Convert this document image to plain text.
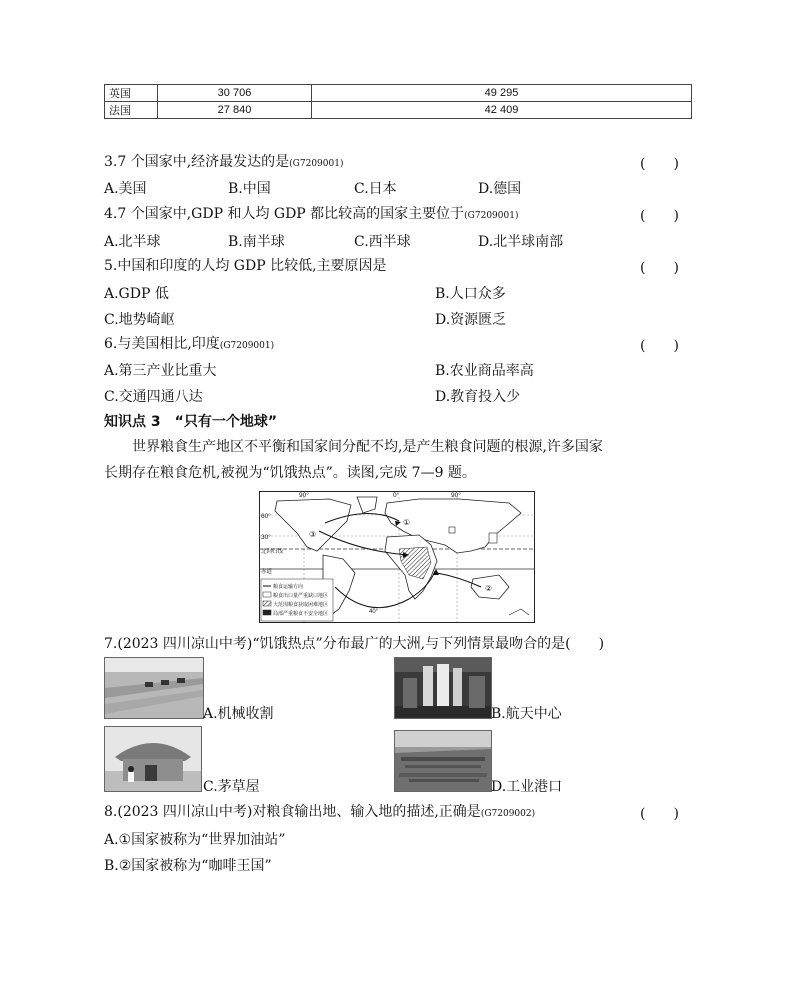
英国	30 706	49 295
法国	27 840	42 409
3.7 个国家中,经济最发达的是(G7209001)	(　　)
A.美国	B.中国	C.日本	D.德国
4.7 个国家中,GDP 和人均 GDP 都比较高的国家主要位于(G7209001)	(　　)
A.北半球	B.南半球	C.西半球	D.北半球南部
5.中国和印度的人均 GDP 比较低,主要原因是	(　　)
A.GDP 低	B.人口众多
C.地势崎岖	D.资源匮乏
6.与美国相比,印度(G7209001)	(　　)
A.第三产业比重大	B.农业商品率高
C.交通四通八达	D.教育投入少
知识点 3　“只有一个地球”
世界粮食生产地区不平衡和国家间分配不均,是产生粮食问题的根源,许多国家
长期存在粮食危机,被视为“饥饿热点”。读图,完成 7—9 题。
90°	0°	90°
60°
30°
北回归线
赤道
40°
①
②
③
粮食运输方向
粮食出口量严重缺口地区
大范围粮食获取困难地区
局部严重粮食不安全地区
7.(2023 四川凉山中考)“饥饿热点”分布最广的大洲,与下列情景最吻合的是(　　)
A.机械收割	B.航天中心
C.茅草屋	D.工业港口
8.(2023 四川凉山中考)对粮食输出地、输入地的描述,正确是(G7209002)	(　　)
A.①国家被称为“世界加油站”
B.②国家被称为“咖啡王国”
